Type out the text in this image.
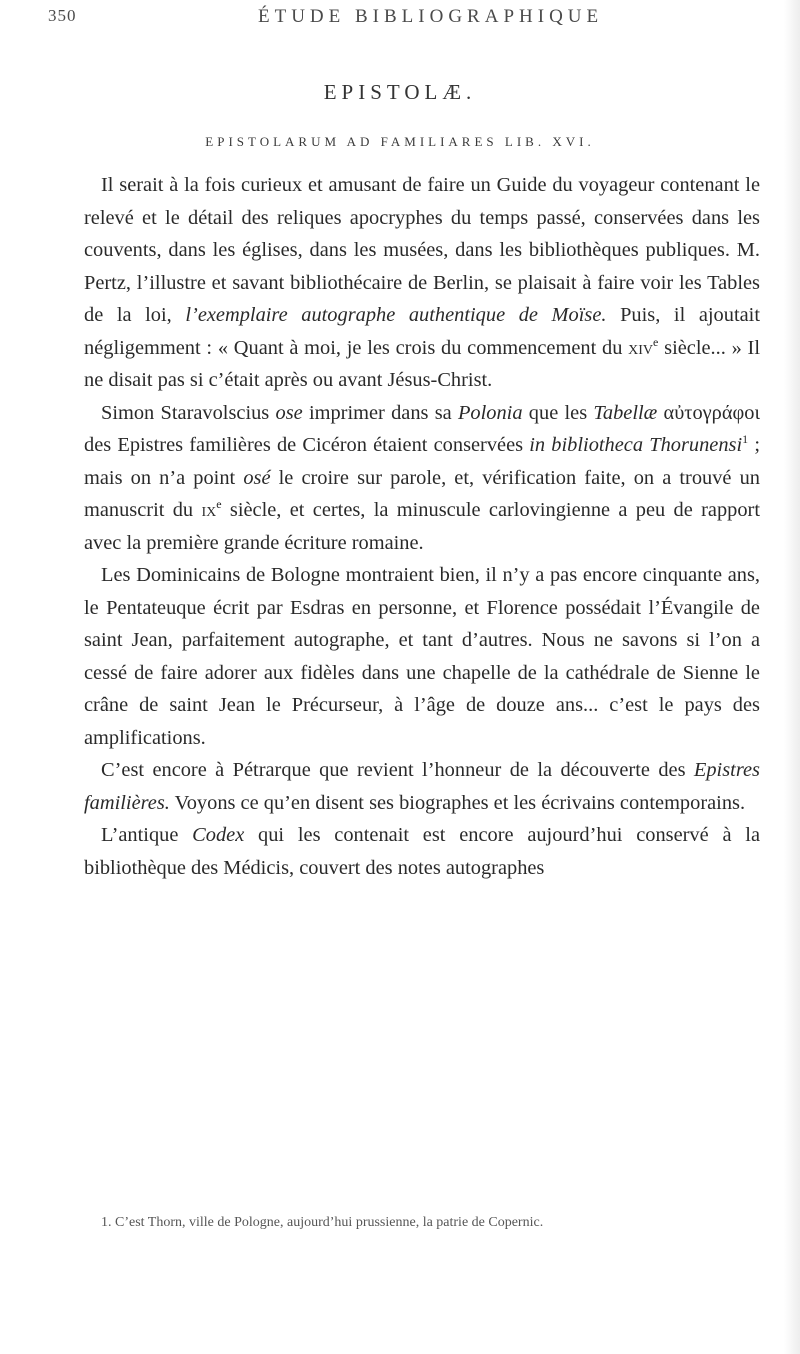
350	ÉTUDE BIBLIOGRAPHIQUE
EPISTOLÆ.
EPISTOLARUM AD FAMILIARES LIB. XVI.

Il serait à la fois curieux et amusant de faire un Guide du voyageur contenant le relevé et le détail des reliques apocryphes du temps passé, conservées dans les couvents, dans les églises, dans les musées, dans les bibliothèques publiques. M. Pertz, l’illustre et savant bibliothécaire de Berlin, se plaisait à faire voir les Tables de la loi, l’exemplaire autographe authentique de Moïse. Puis, il ajoutait négligemment : « Quant à moi, je les crois du commencement du xiv$^e$ siècle... » Il ne disait pas si c’était après ou avant Jésus-Christ.

Simon Staravolscius ose imprimer dans sa Polonia que les Tabellæ αὐτογράφοι des Epistres familières de Cicéron étaient conservées in bibliotheca Thorunensi$^1$ ; mais on n’a point osé le croire sur parole, et, vérification faite, on a trouvé un manuscrit du $ix^e$ siècle, et certes, la minuscule carlovingienne a peu de rapport avec la première grande écriture romaine.

Les Dominicains de Bologne montraient bien, il n’y a pas encore cinquante ans, le Pentateuque écrit par Esdras en personne, et Florence possédait l’Évangile de saint Jean, parfaitement autographe, et tant d’autres. Nous ne savons si l’on a cessé de faire adorer aux fidèles dans une chapelle de la cathédrale de Sienne le crâne de saint Jean le Précurseur, à l’âge de douze ans... c’est le pays des amplifications.

C’est encore à Pétrarque que revient l’honneur de la découverte des Epistres familières. Voyons ce qu’en disent ses biographes et les écrivains contemporains.

L’antique Codex qui les contenait est encore aujourd’hui conservé à la bibliothèque des Médicis, couvert des notes autographes

1. C’est Thorn, ville de Pologne, aujourd’hui prussienne, la patrie de Copernic.
